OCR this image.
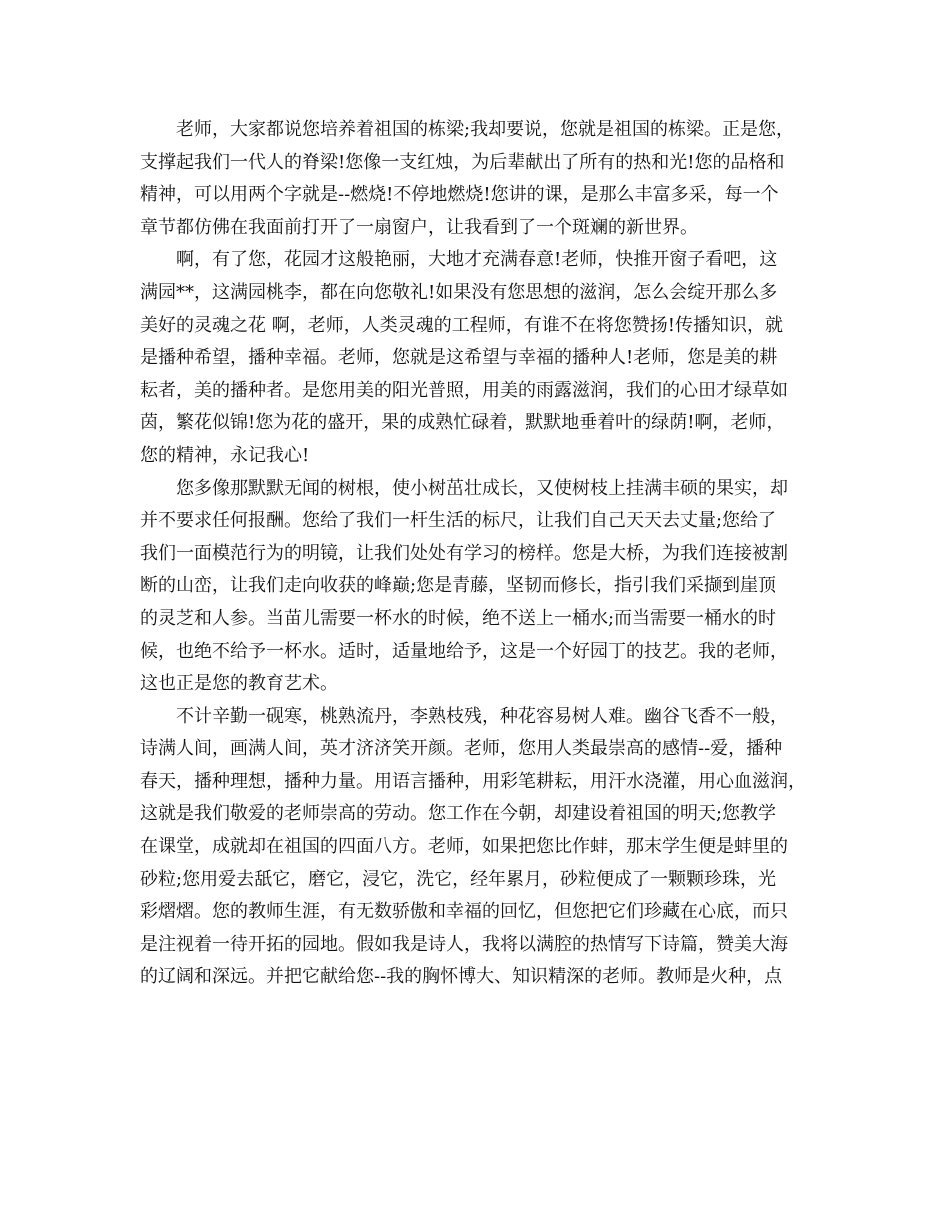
老师，大家都说您培养着祖国的栋梁;我却要说，您就是祖国的栋梁。正是您，
支撑起我们一代人的脊梁!您像一支红烛，为后辈献出了所有的热和光!您的品格和
精神，可以用两个字就是--燃烧!不停地燃烧!您讲的课，是那么丰富多采，每一个
章节都仿佛在我面前打开了一扇窗户，让我看到了一个斑斓的新世界。
啊，有了您，花园才这般艳丽，大地才充满春意!老师，快推开窗子看吧，这
满园**，这满园桃李，都在向您敬礼!如果没有您思想的滋润，怎么会绽开那么多
美好的灵魂之花 啊，老师，人类灵魂的工程师，有谁不在将您赞扬!传播知识，就
是播种希望，播种幸福。老师，您就是这希望与幸福的播种人!老师，您是美的耕
耘者，美的播种者。是您用美的阳光普照，用美的雨露滋润，我们的心田才绿草如
茵，繁花似锦!您为花的盛开，果的成熟忙碌着，默默地垂着叶的绿荫!啊，老师，
您的精神，永记我心!
您多像那默默无闻的树根，使小树茁壮成长，又使树枝上挂满丰硕的果实，却
并不要求任何报酬。您给了我们一杆生活的标尺，让我们自己天天去丈量;您给了
我们一面模范行为的明镜，让我们处处有学习的榜样。您是大桥，为我们连接被割
断的山峦，让我们走向收获的峰巅;您是青藤，坚韧而修长，指引我们采撷到崖顶
的灵芝和人参。当苗儿需要一杯水的时候，绝不送上一桶水;而当需要一桶水的时
候，也绝不给予一杯水。适时，适量地给予，这是一个好园丁的技艺。我的老师，
这也正是您的教育艺术。
不计辛勤一砚寒，桃熟流丹，李熟枝残，种花容易树人难。幽谷飞香不一般，
诗满人间，画满人间，英才济济笑开颜。老师，您用人类最崇高的感情--爱，播种
春天，播种理想，播种力量。用语言播种，用彩笔耕耘，用汗水浇灌，用心血滋润，
这就是我们敬爱的老师崇高的劳动。您工作在今朝，却建设着祖国的明天;您教学
在课堂，成就却在祖国的四面八方。老师，如果把您比作蚌，那末学生便是蚌里的
砂粒;您用爱去舐它，磨它，浸它，洗它，经年累月，砂粒便成了一颗颗珍珠，光
彩熠熠。您的教师生涯，有无数骄傲和幸福的回忆，但您把它们珍藏在心底，而只
是注视着一待开拓的园地。假如我是诗人，我将以满腔的热情写下诗篇，赞美大海
的辽阔和深远。并把它献给您--我的胸怀博大、知识精深的老师。教师是火种，点
